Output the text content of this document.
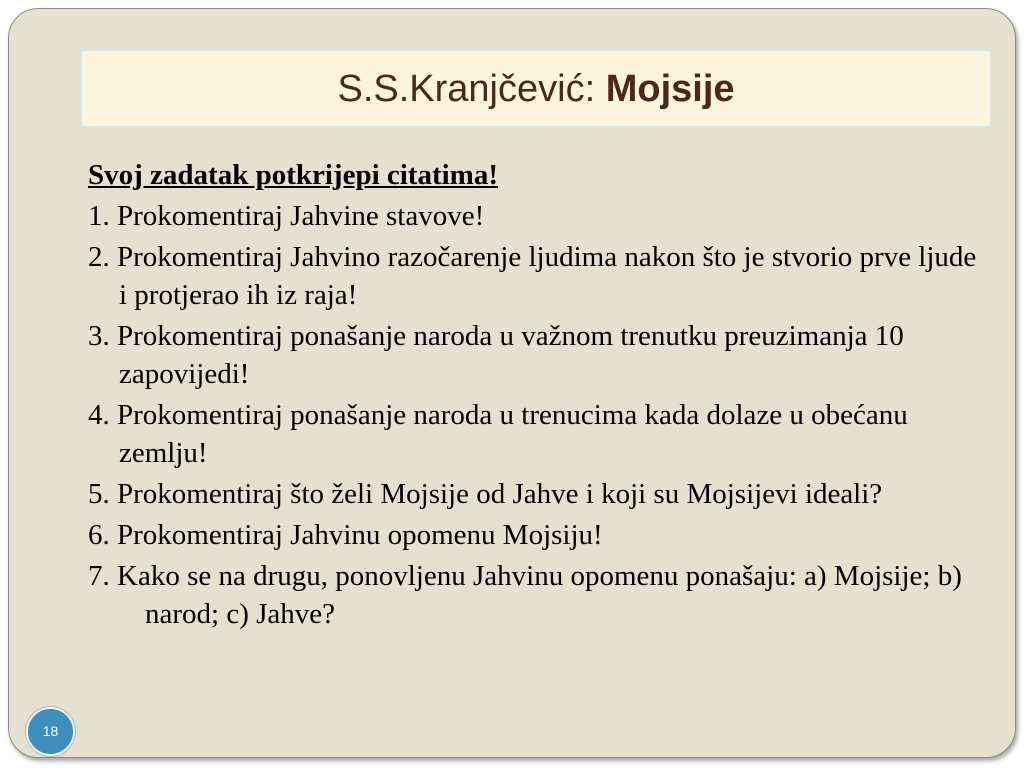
S.S.Kranjčević: Mojsije
Svoj zadatak potkrijepi citatima!
1. Prokomentiraj Jahvine stavove!
2. Prokomentiraj Jahvino razočarenje ljudima nakon što je stvorio prve ljude i protjerao ih iz raja!
3. Prokomentiraj ponašanje naroda u važnom trenutku preuzimanja 10 zapovijedi!
4. Prokomentiraj ponašanje naroda u trenucima kada dolaze u obećanu zemlju!
5. Prokomentiraj što želi Mojsije od Jahve i koji su Mojsijevi ideali?
6. Prokomentiraj Jahvinu opomenu Mojsiju!
7. Kako se na drugu, ponovljenu Jahvinu opomenu ponašaju: a) Mojsije; b) narod; c) Jahve?
18
